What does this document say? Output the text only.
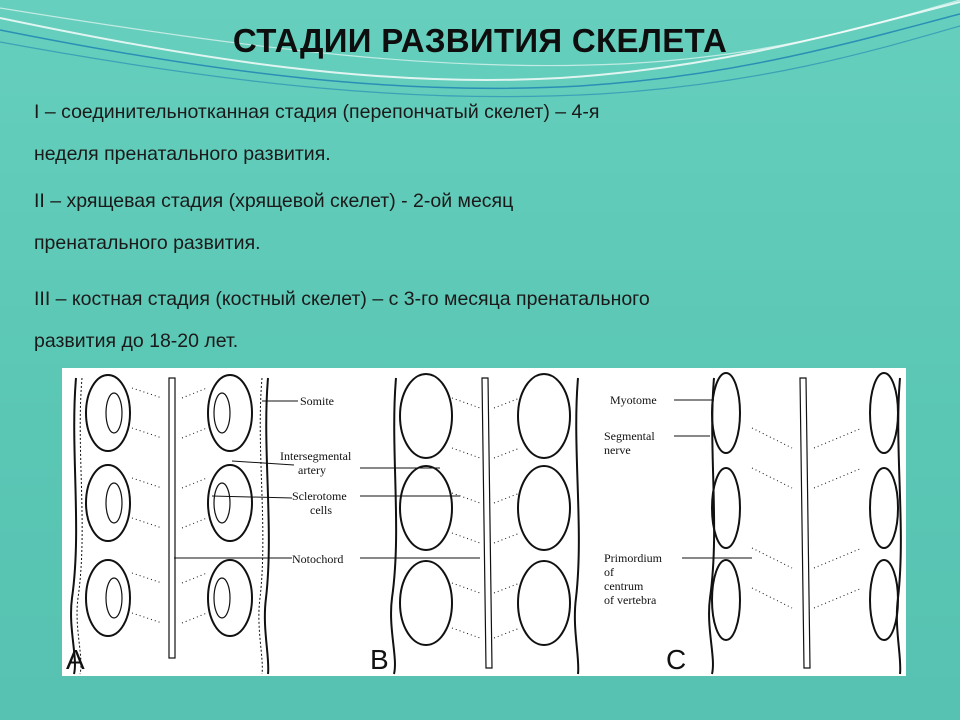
СТАДИИ РАЗВИТИЯ СКЕЛЕТА
I – соединительнотканная стадия (перепончатый скелет) – 4-я
неделя пренатального развития.
II – хрящевая стадия (хрящевой скелет) - 2-ой месяц
пренатального развития.
III – костная стадия (костный скелет) – с 3-го месяца пренатального
развития до 18-20 лет.
Somite
Intersegmental
artery
Sclerotome
cells
Notochord
Myotome
Segmental
nerve
Primordium
of
centrum
of vertebra
A	B	C
